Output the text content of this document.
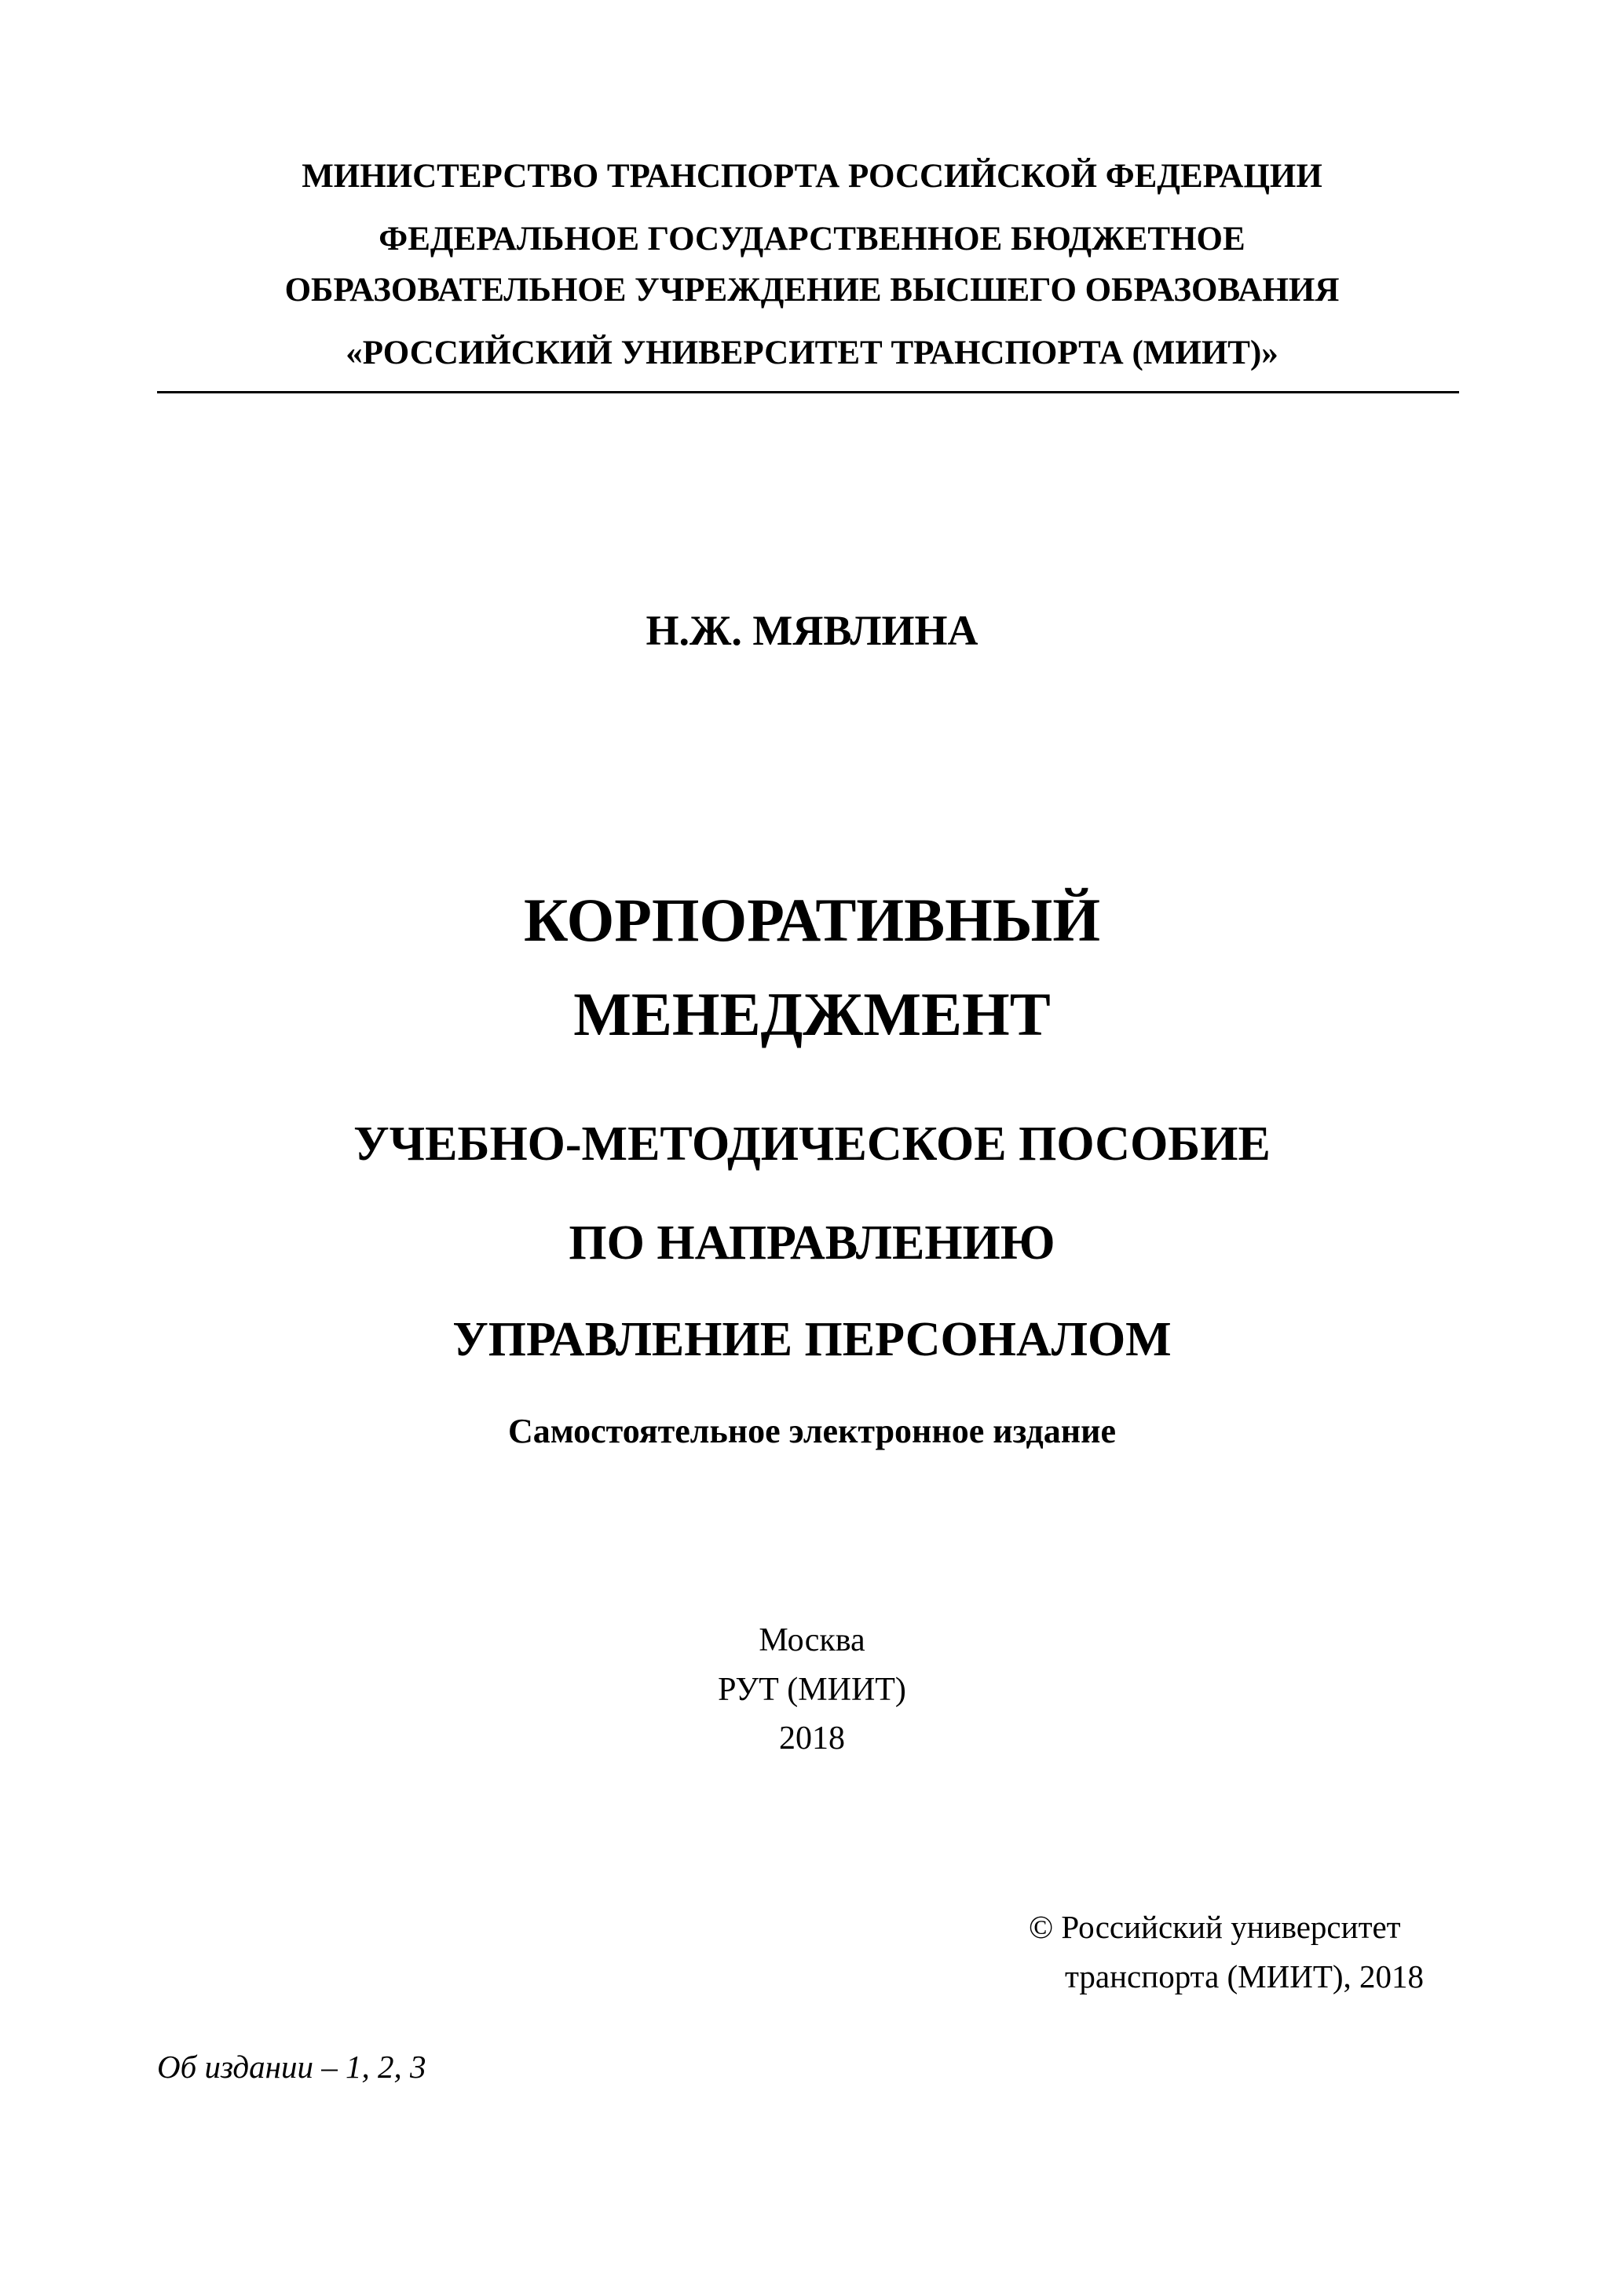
МИНИСТЕРСТВО ТРАНСПОРТА РОССИЙСКОЙ ФЕДЕРАЦИИ
ФЕДЕРАЛЬНОЕ ГОСУДАРСТВЕННОЕ БЮДЖЕТНОЕ
ОБРАЗОВАТЕЛЬНОЕ УЧРЕЖДЕНИЕ ВЫСШЕГО ОБРАЗОВАНИЯ
«РОССИЙСКИЙ УНИВЕРСИТЕТ ТРАНСПОРТА (МИИТ)»
Н.Ж. МЯВЛИНА
КОРПОРАТИВНЫЙ
МЕНЕДЖМЕНТ
УЧЕБНО-МЕТОДИЧЕСКОЕ ПОСОБИЕ
ПО НАПРАВЛЕНИЮ
УПРАВЛЕНИЕ ПЕРСОНАЛОМ
Самостоятельное электронное издание
Москва
РУТ (МИИТ)
2018
© Российский университет
транспорта (МИИТ), 2018
Об издании – 1, 2, 3
